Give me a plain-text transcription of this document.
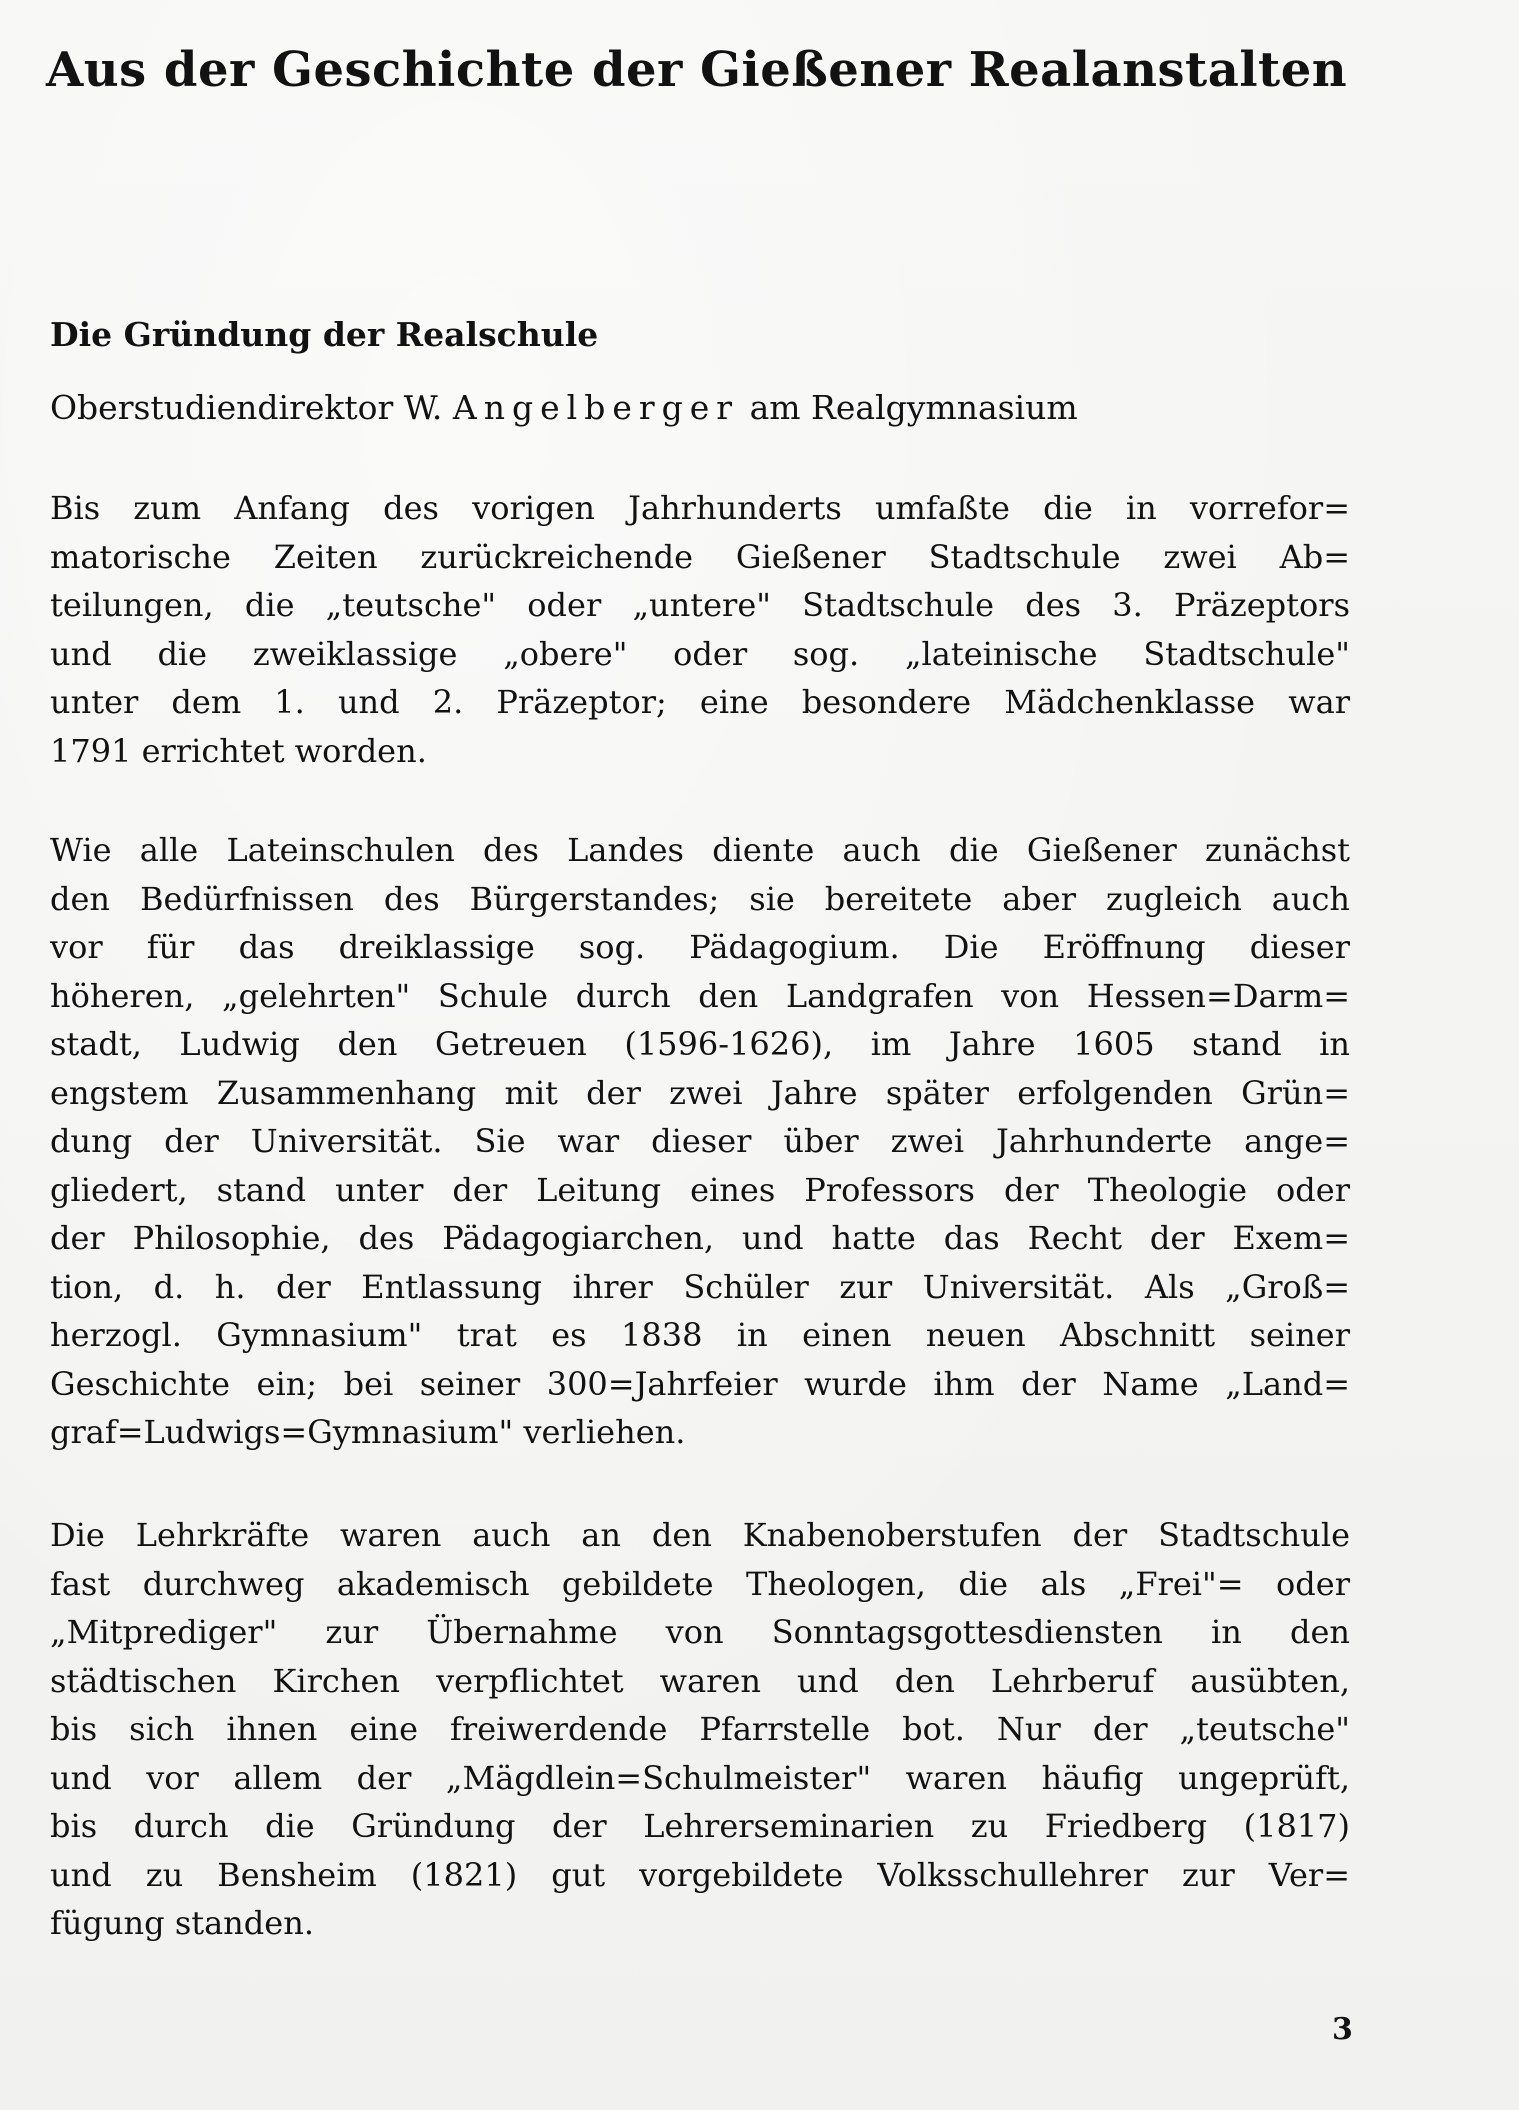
Aus der Geschichte der Gießener Realanstalten
Die Gründung der Realschule

Oberstudiendirektor W. Angelberger am Realgymnasium

Bis zum Anfang des vorigen Jahrhunderts umfaßte die in vorrefor=
matorische Zeiten zurückreichende Gießener Stadtschule zwei Ab=
teilungen, die „teutsche" oder „untere" Stadtschule des 3. Präzeptors
und die zweiklassige „obere" oder sog. „lateinische Stadtschule"
unter dem 1. und 2. Präzeptor; eine besondere Mädchenklasse war
1791 errichtet worden.
Wie alle Lateinschulen des Landes diente auch die Gießener zunächst
den Bedürfnissen des Bürgerstandes; sie bereitete aber zugleich auch
vor für das dreiklassige sog. Pädagogium. Die Eröffnung dieser
höheren, „gelehrten" Schule durch den Landgrafen von Hessen=Darm=
stadt, Ludwig den Getreuen (1596-1626), im Jahre 1605 stand in
engstem Zusammenhang mit der zwei Jahre später erfolgenden Grün=
dung der Universität. Sie war dieser über zwei Jahrhunderte ange=
gliedert, stand unter der Leitung eines Professors der Theologie oder
der Philosophie, des Pädagogiarchen, und hatte das Recht der Exem=
tion, d. h. der Entlassung ihrer Schüler zur Universität. Als „Groß=
herzogl. Gymnasium" trat es 1838 in einen neuen Abschnitt seiner
Geschichte ein; bei seiner 300=Jahrfeier wurde ihm der Name „Land=
graf=Ludwigs=Gymnasium" verliehen.
Die Lehrkräfte waren auch an den Knabenoberstufen der Stadtschule
fast durchweg akademisch gebildete Theologen, die als „Frei"= oder
„Mitprediger" zur Übernahme von Sonntagsgottesdiensten in den
städtischen Kirchen verpflichtet waren und den Lehrberuf ausübten,
bis sich ihnen eine freiwerdende Pfarrstelle bot. Nur der „teutsche"
und vor allem der „Mägdlein=Schulmeister" waren häufig ungeprüft,
bis durch die Gründung der Lehrerseminarien zu Friedberg (1817)
und zu Bensheim (1821) gut vorgebildete Volksschullehrer zur Ver=
fügung standen.

3
